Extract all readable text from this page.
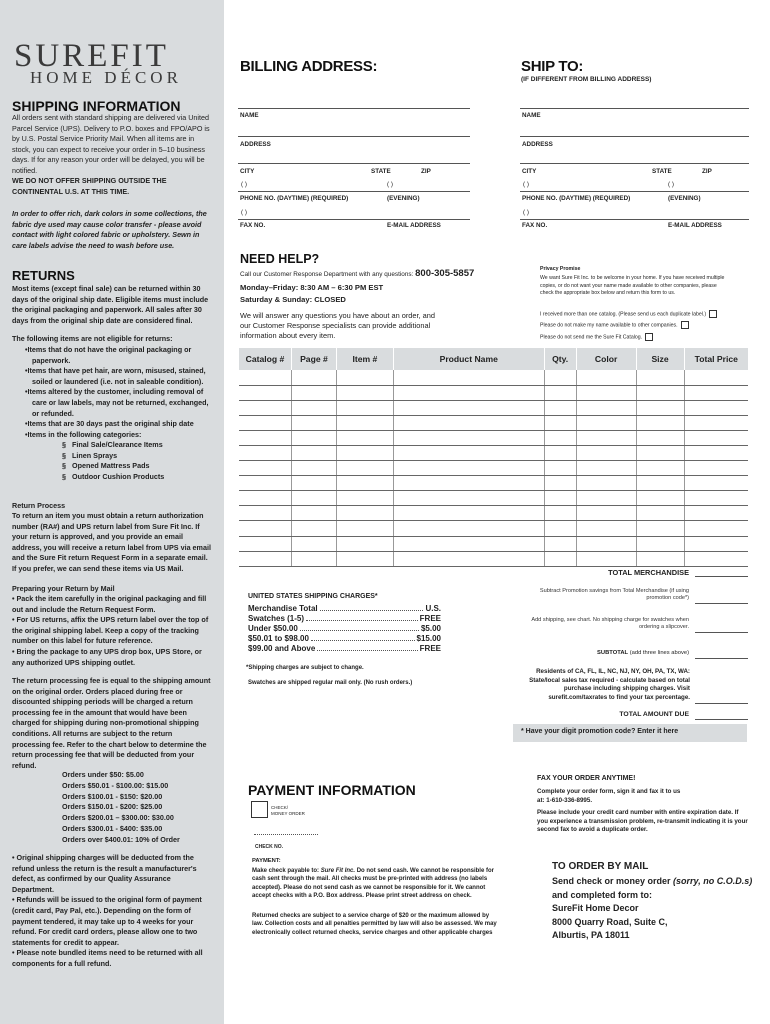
SUREFIT
HOME DÉCOR
SHIPPING INFORMATION
All orders sent with standard shipping are delivered via United Parcel Service (UPS). Delivery to P.O. boxes and FPO/APO is by U.S. Postal Service Priority Mail. When all items are in stock, you can expect to receive your order in 5–10 business days. If for any reason your order will be delayed, you will be notified.
WE DO NOT OFFER SHIPPING OUTSIDE THE CONTINENTAL U.S. AT THIS TIME.
In order to offer rich, dark colors in some collections, the fabric dye used may cause color transfer - please avoid contact with light colored fabric or upholstery. Sewn in care labels advise the need to wash before use.
RETURNS
Most items (except final sale) can be returned within 30 days of the original ship date. Eligible items must include the original packaging and paperwork. All sales after 30 days from the original ship date are considered final.
The following items are not eligible for returns:
• Items that do not have the original packaging or paperwork.
• Items that have pet hair, are worn, misused, stained, soiled or laundered (i.e. not in saleable condition).
• Items altered by the customer, including removal of care or law labels, may not be returned, exchanged, or refunded.
• Items that are 30 days past the original ship date
• Items in the following categories:
§ Final Sale/Clearance Items
§ Linen Sprays
§ Opened Mattress Pads
§ Outdoor Cushion Products
Return Process
To return an item you must obtain a return authorization number (RA#) and UPS return label from Sure Fit Inc. If your return is approved, and you provide an email address, you will receive a return label from UPS via email and the Sure Fit return Request Form in a separate email. If you prefer, we can send these items via US Mail.
Preparing your Return by Mail
• Pack the item carefully in the original packaging and fill out and include the Return Request Form.
• For US returns, affix the UPS return label over the top of the original shipping label. Keep a copy of the tracking number on this label for future reference.
• Bring the package to any UPS drop box, UPS Store, or any authorized UPS shipping outlet.
The return processing fee is equal to the shipping amount on the original order. Orders placed during free or discounted shipping periods will be charged a return processing fee in the amount that would have been charged for shipping during non-promotional shipping conditions. All returns are subject to the return processing fee. Refer to the chart below to determine the return processing fee that will be deducted from your refund.
Orders under $50: $5.00
Orders $50.01 - $100.00: $15.00
Orders $100.01 - $150: $20.00
Orders $150.01 - $200: $25.00
Orders $200.01 – $300.00: $30.00
Orders $300.01 - $400: $35.00
Orders over $400.01: 10% of Order
• Original shipping charges will be deducted from the refund unless the return is the result a manufacturer's defect, as confirmed by our Quality Assurance Department.
• Refunds will be issued to the original form of payment (credit card, Pay Pal, etc.). Depending on the form of payment tendered, it may take up to 4 weeks for your refund. For credit card orders, please allow one to two statements for credit to appear.
• Please note bundled items need to be returned with all components for a full refund.
BILLING ADDRESS:
NAME
ADDRESS
CITY	STATE	ZIP
( )	( )
PHONE NO. (DAYTIME) (REQUIRED)	(EVENING)
( )
FAX NO.	E-MAIL ADDRESS
SHIP TO:
(IF DIFFERENT FROM BILLING ADDRESS)
NAME
ADDRESS
CITY	STATE	ZIP
( )	( )
PHONE NO. (DAYTIME) (REQUIRED)	(EVENING)
( )
FAX NO.	E-MAIL ADDRESS
NEED HELP?
Call our Customer Response Department with any questions: 800-305-5857
Monday–Friday: 8:30 AM – 6:30 PM EST
Saturday & Sunday: CLOSED
We will answer any questions you have about an order, and our Customer Response specialists can provide additional information about every item.
Privacy Promise
We want Sure Fit Inc. to be welcome in your home. If you have received multiple copies, or do not want your name made available to other companies, please check the appropriate box below and return this form to us.
I received more than one catalog. (Please send us each duplicate label.)
Please do not make my name available to other companies.
Please do not send me the Sure Fit Catalog.
Catalog #	Page #	Item #	Product Name	Qty.	Color	Size	Total Price

UNITED STATES SHIPPING CHARGES*
Merchandise Total	U.S.
Swatches (1-5)	FREE
Under $50.00	$5.00
$50.01 to $98.00	$15.00
$99.00 and Above	FREE
*Shipping charges are subject to change.
Swatches are shipped regular mail only. (No rush orders.)
TOTAL MERCHANDISE
Subtract Promotion savings from Total Merchandise (if using promotion code*)
Add shipping, see chart. No shipping charge for swatches when ordering a slipcover.
SUBTOTAL (add three lines above)
Residents of CA, FL, IL, NC, NJ, NY, OH, PA, TX, WA: State/local sales tax required - calculate based on total purchase including shipping charges. Visit surefit.com/taxrates to find your tax percentage.
TOTAL AMOUNT DUE
* Have your digit promotion code? Enter it here
PAYMENT INFORMATION
CHECK/
MONEY ORDER
CHECK NO.
PAYMENT:
Make check payable to: Sure Fit Inc. Do not send cash. We cannot be responsible for cash sent through the mail. All checks must be pre-printed with address (no labels accepted). Please do not send cash as we cannot be responsible for it. We cannot accept checks with a P.O. Box address. Please print street address on check.
Returned checks are subject to a service charge of $20 or the maximum allowed by law. Collection costs and all penalties permitted by law will also be assessed. We may electronically collect returned checks, service charges and other applicable charges
FAX YOUR ORDER ANYTIME!
Complete your order form, sign it and fax it to us at: 1-610-336-8995.
Please include your credit card number with entire expiration date. If you experience a transmission problem, re-transmit indicating it is your second fax to avoid a duplicate order.
TO ORDER BY MAIL
Send check or money order (sorry, no C.O.D.s)
and completed form to:
SureFit Home Decor
8000 Quarry Road, Suite C,
Alburtis, PA 18011
